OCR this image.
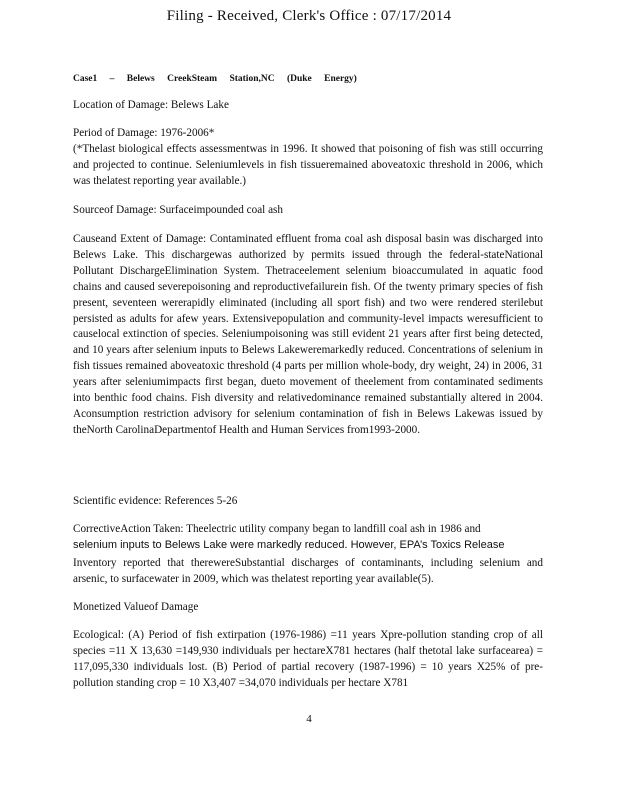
Filing - Received, Clerk's Office : 07/17/2014
Case1 – Belews CreekSteam Station,NC (Duke Energy)

Location of Damage: Belews Lake

Period of Damage: 1976-2006*
(*Thelast biological effects assessmentwas in 1996. It showed that poisoning of fish was still occurring and projected to continue. Seleniumlevels in fish tissueremained aboveatoxic threshold in 2006, which was thelatest reporting year available.)

Sourceof Damage: Surfaceimpounded coal ash

Causeand Extent of Damage: Contaminated effluent froma coal ash disposal basin was discharged into Belews Lake. This dischargewas authorized by permits issued through the federal-stateNational Pollutant DischargeElimination System. Thetraceelement selenium bioaccumulated in aquatic food chains and caused severepoisoning and reproductivefailurein fish. Of the twenty primary species of fish present, seventeen wererapidly eliminated (including all sport fish) and two were rendered sterilebut persisted as adults for afew years. Extensivepopulation and community-level impacts weresufficient to causelocal extinction of species. Seleniumpoisoning was still evident 21 years after first being detected, and 10 years after selenium inputs to Belews Lakeweremarkedly reduced. Concentrations of selenium in fish tissues remained aboveatoxic threshold (4 parts per million whole-body, dry weight, 24) in 2006, 31 years after seleniumimpacts first began, dueto movement of theelement from contaminated sediments into benthic food chains. Fish diversity and relativedominance remained substantially altered in 2004. Aconsumption restriction advisory for selenium contamination of fish in Belews Lakewas issued by theNorth CarolinaDepartmentof Health and Human Services from1993-2000.

Scientific evidence: References 5-26

CorrectiveAction Taken: Theelectric utility company began to landfill coal ash in 1986 and

selenium inputs to Belews Lake were markedly reduced. However, EPA’s Toxics Release

Inventory reported that therewereSubstantial discharges of contaminants, including selenium and arsenic, to surfacewater in 2009, which was thelatest reporting year available(5).

Monetized Valueof Damage

Ecological: (A) Period of fish extirpation (1976-1986) =11 years Xpre-pollution standing crop of all species =11 X 13,630 =149,930 individuals per hectareX781 hectares (half thetotal lake surfacearea) = 117,095,330 individuals lost. (B) Period of partial recovery (1987-1996) = 10 years X25% of pre-pollution standing crop = 10 X3,407 =34,070 individuals per hectare X781

4
